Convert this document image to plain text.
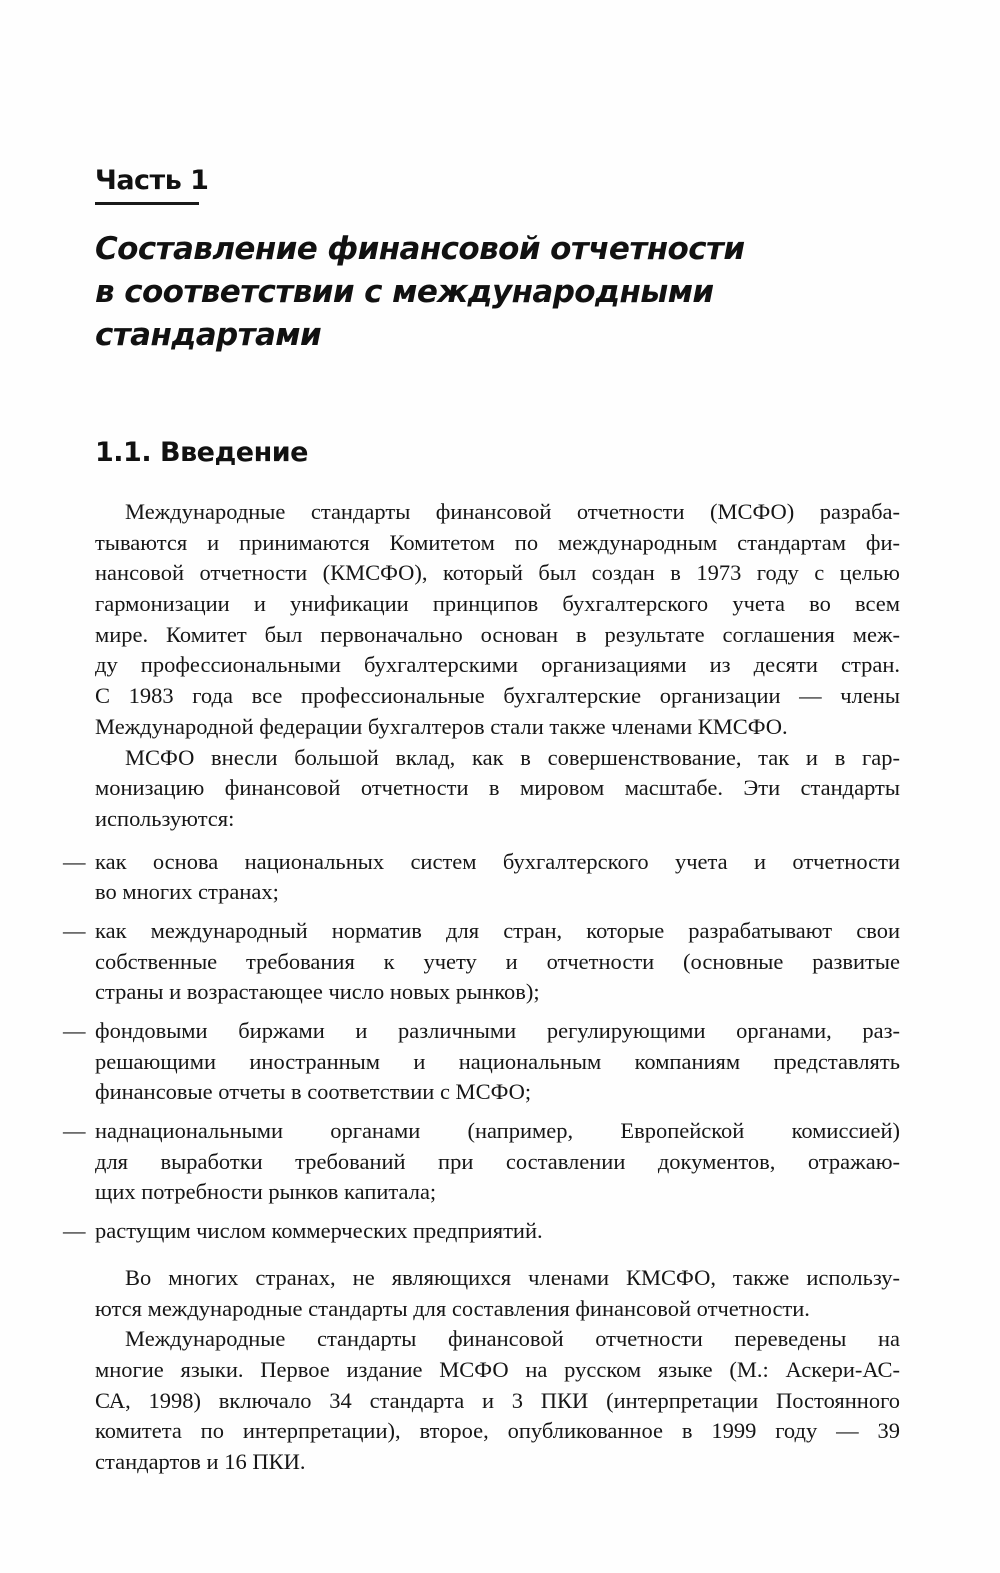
Часть 1
Составление финансовой отчетности
в соответствии с международными
стандартами
1.1. Введение
Международные стандарты финансовой отчетности (МСФО) разраба-
тываются и принимаются Комитетом по международным стандартам фи-
нансовой отчетности (КМСФО), который был создан в 1973 году с целью
гармонизации и унификации принципов бухгалтерского учета во всем
мире. Комитет был первоначально основан в результате соглашения меж-
ду профессиональными бухгалтерскими организациями из десяти стран.
С 1983 года все профессиональные бухгалтерские организации — члены
Международной федерации бухгалтеров стали также членами КМСФО.
МСФО внесли большой вклад, как в совершенствование, так и в гар-
монизацию финансовой отчетности в мировом масштабе. Эти стандарты
используются:
— как основа национальных систем бухгалтерского учета и отчетности
во многих странах;
— как международный норматив для стран, которые разрабатывают свои
собственные требования к учету и отчетности (основные развитые
страны и возрастающее число новых рынков);
— фондовыми биржами и различными регулирующими органами, раз-
решающими иностранным и национальным компаниям представлять
финансовые отчеты в соответствии с МСФО;
— наднациональными органами (например, Европейской комиссией)
для выработки требований при составлении документов, отражаю-
щих потребности рынков капитала;
— растущим числом коммерческих предприятий.
Во многих странах, не являющихся членами КМСФО, также использу-
ются международные стандарты для составления финансовой отчетности.
Международные стандарты финансовой отчетности переведены на
многие языки. Первое издание МСФО на русском языке (М.: Аскери-АС-
СА, 1998) включало 34 стандарта и 3 ПКИ (интерпретации Постоянного
комитета по интерпретации), второе, опубликованное в 1999 году — 39
стандартов и 16 ПКИ.
